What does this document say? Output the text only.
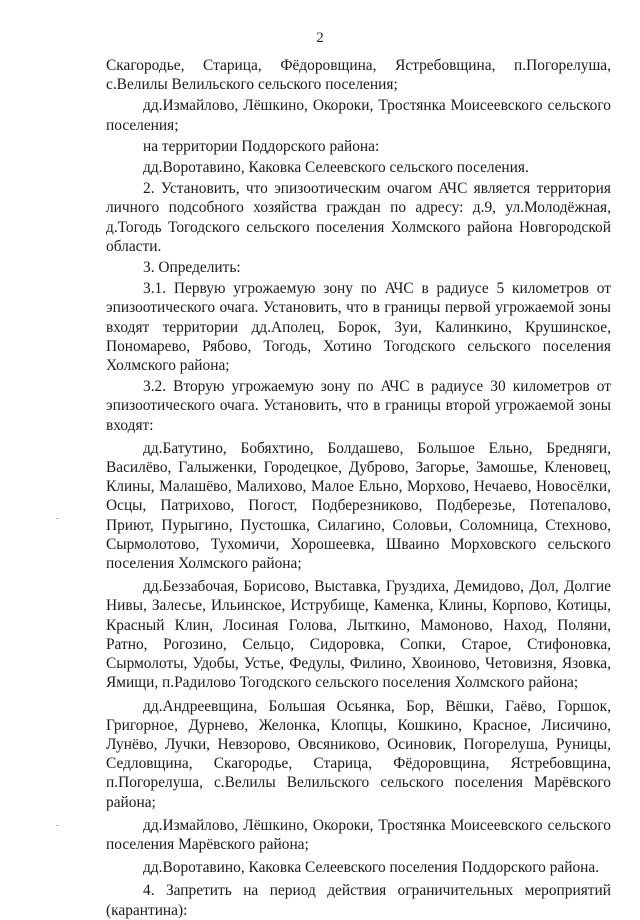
2

Скагородье, Старица, Фёдоровщина, Ястребовщина, п.Погорелуша, с.Велилы Велильского сельского поселения;

дд.Измайлово, Лёшкино, Окороки, Тростянка Моисеевского сельского поселения;

на территории Поддорского района:

дд.Воротавино, Каковка Селеевского сельского поселения.

2. Установить, что эпизоотическим очагом АЧС является территория личного подсобного хозяйства граждан по адресу: д.9, ул.Молодёжная, д.Тогодь Тогодского сельского поселения Холмского района Новгородской области.

3. Определить:

3.1. Первую угрожаемую зону по АЧС в радиусе 5 километров от эпизоотического очага. Установить, что в границы первой угрожаемой зоны входят территории дд.Аполец, Борок, Зуи, Калинкино, Крушинское, Пономарево, Рябово, Тогодь, Хотино Тогодского сельского поселения Холмского района;

3.2. Вторую угрожаемую зону по АЧС в радиусе 30 километров от эпизоотического очага. Установить, что в границы второй угрожаемой зоны входят:

дд.Батутино, Бобяхтино, Болдашево, Большое Ельно, Бредняги, Василёво, Галыженки, Городецкое, Дуброво, Загорье, Замошье, Кленовец, Клины, Малашёво, Малихово, Малое Ельно, Морхово, Нечаево, Новосёлки, Осцы, Патрихово, Погост, Подберезниково, Подберезье, Потепалово, Приют, Пурыгино, Пустошка, Силагино, Соловьи, Соломница, Стехново, Сырмолотово, Тухомичи, Хорошеевка, Шваино Морховского сельского поселения Холмского района;

дд.Беззабочая, Борисово, Выставка, Груздиха, Демидово, Дол, Долгие Нивы, Залесье, Ильинское, Иструбище, Каменка, Клины, Корпово, Котицы, Красный Клин, Лосиная Голова, Лыткино, Мамоново, Наход, Поляни, Ратно, Рогозино, Сельцо, Сидоровка, Сопки, Старое, Стифоновка, Сырмолоты, Удобы, Устье, Федулы, Филино, Хвоиново, Четовизня, Язовка, Ямищи, п.Радилово Тогодского сельского поселения Холмского района;

дд.Андреевщина, Большая Осьянка, Бор, Вёшки, Гаёво, Горшок, Григорное, Дурнево, Желонка, Клопцы, Кошкино, Красное, Лисичино, Лунёво, Лучки, Невзорово, Овсяниково, Осиновик, Погорелуша, Руницы, Седловщина, Скагородье, Старица, Фёдоровщина, Ястребовщина, п.Погорелуша, с.Велилы Велильского сельского поселения Марёвского района;

дд.Измайлово, Лёшкино, Окороки, Тростянка Моисеевского сельского поселения Марёвского района;

дд.Воротавино, Каковка Селеевского поселения Поддорского района.

4. Запретить на период действия ограничительных мероприятий (карантина):
